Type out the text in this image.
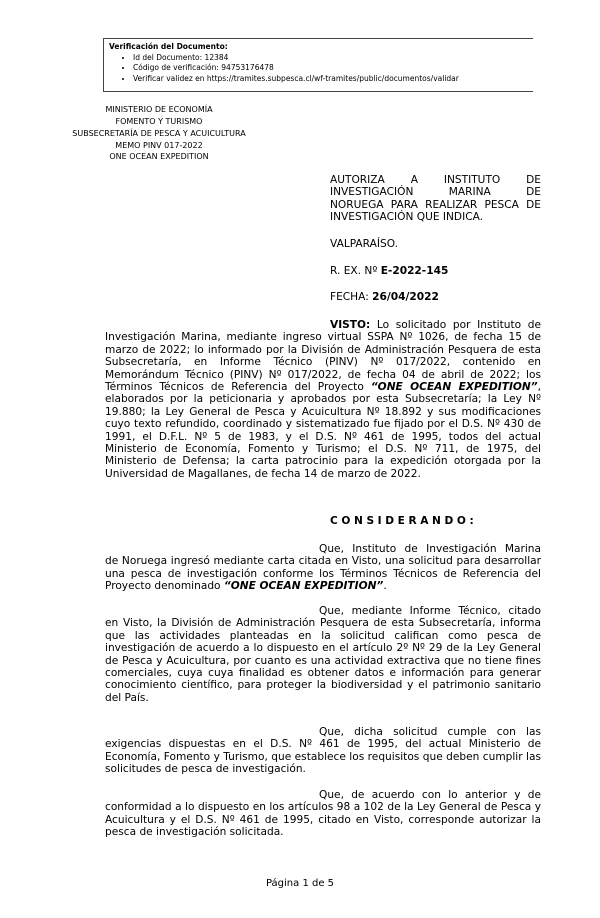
Verificación del Documento:
• Id del Documento: 12384
• Código de verificación: 94753176478
• Verificar validez en https://tramites.subpesca.cl/wf-tramites/public/documentos/validar
MINISTERIO DE ECONOMÍA
FOMENTO Y TURISMO
SUBSECRETARÍA DE PESCA Y ACUICULTURA
MEMO PINV 017-2022
ONE OCEAN EXPEDITION
AUTORIZA A INSTITUTO DE
INVESTIGACIÓN MARINA DE
NORUEGA PARA REALIZAR PESCA DE
INVESTIGACIÓN QUE INDICA.
VALPARAÍSO.
R. EX. Nº E-2022-145
FECHA: 26/04/2022
VISTO: Lo solicitado por Instituto de
Investigación Marina, mediante ingreso virtual SSPA Nº 1026, de fecha 15 de
marzo de 2022; lo informado por la División de Administración Pesquera de esta
Subsecretaría, en Informe Técnico (PINV) Nº 017/2022, contenido en
Memorándum Técnico (PINV) Nº 017/2022, de fecha 04 de abril de 2022; los
Términos Técnicos de Referencia del Proyecto “ONE OCEAN EXPEDITION”,
elaborados por la peticionaria y aprobados por esta Subsecretaría; la Ley Nº
19.880; la Ley General de Pesca y Acuicultura Nº 18.892 y sus modificaciones
cuyo texto refundido, coordinado y sistematizado fue fijado por el D.S. Nº 430 de
1991, el D.F.L. Nº 5 de 1983, y el D.S. Nº 461 de 1995, todos del actual
Ministerio de Economía, Fomento y Turismo; el D.S. Nº 711, de 1975, del
Ministerio de Defensa; la carta patrocinio para la expedición otorgada por la
Universidad de Magallanes, de fecha 14 de marzo de 2022.
CONSIDERANDO:
Que, Instituto de Investigación Marina
de Noruega ingresó mediante carta citada en Visto, una solicitud para desarrollar
una pesca de investigación conforme los Términos Técnicos de Referencia del
Proyecto denominado “ONE OCEAN EXPEDITION”.
Que, mediante Informe Técnico, citado
en Visto, la División de Administración Pesquera de esta Subsecretaría, informa
que las actividades planteadas en la solicitud califican como pesca de
investigación de acuerdo a lo dispuesto en el artículo 2º Nº 29 de la Ley General
de Pesca y Acuicultura, por cuanto es una actividad extractiva que no tiene fines
comerciales, cuya cuya finalidad es obtener datos e información para generar
conocimiento científico, para proteger la biodiversidad y el patrimonio sanitario
del País.
Que, dicha solicitud cumple con las
exigencias dispuestas en el D.S. Nº 461 de 1995, del actual Ministerio de
Economía, Fomento y Turismo, que establece los requisitos que deben cumplir las
solicitudes de pesca de investigación.
Que, de acuerdo con lo anterior y de
conformidad a lo dispuesto en los artículos 98 a 102 de la Ley General de Pesca y
Acuicultura y el D.S. Nº 461 de 1995, citado en Visto, corresponde autorizar la
pesca de investigación solicitada.
Página 1 de 5
